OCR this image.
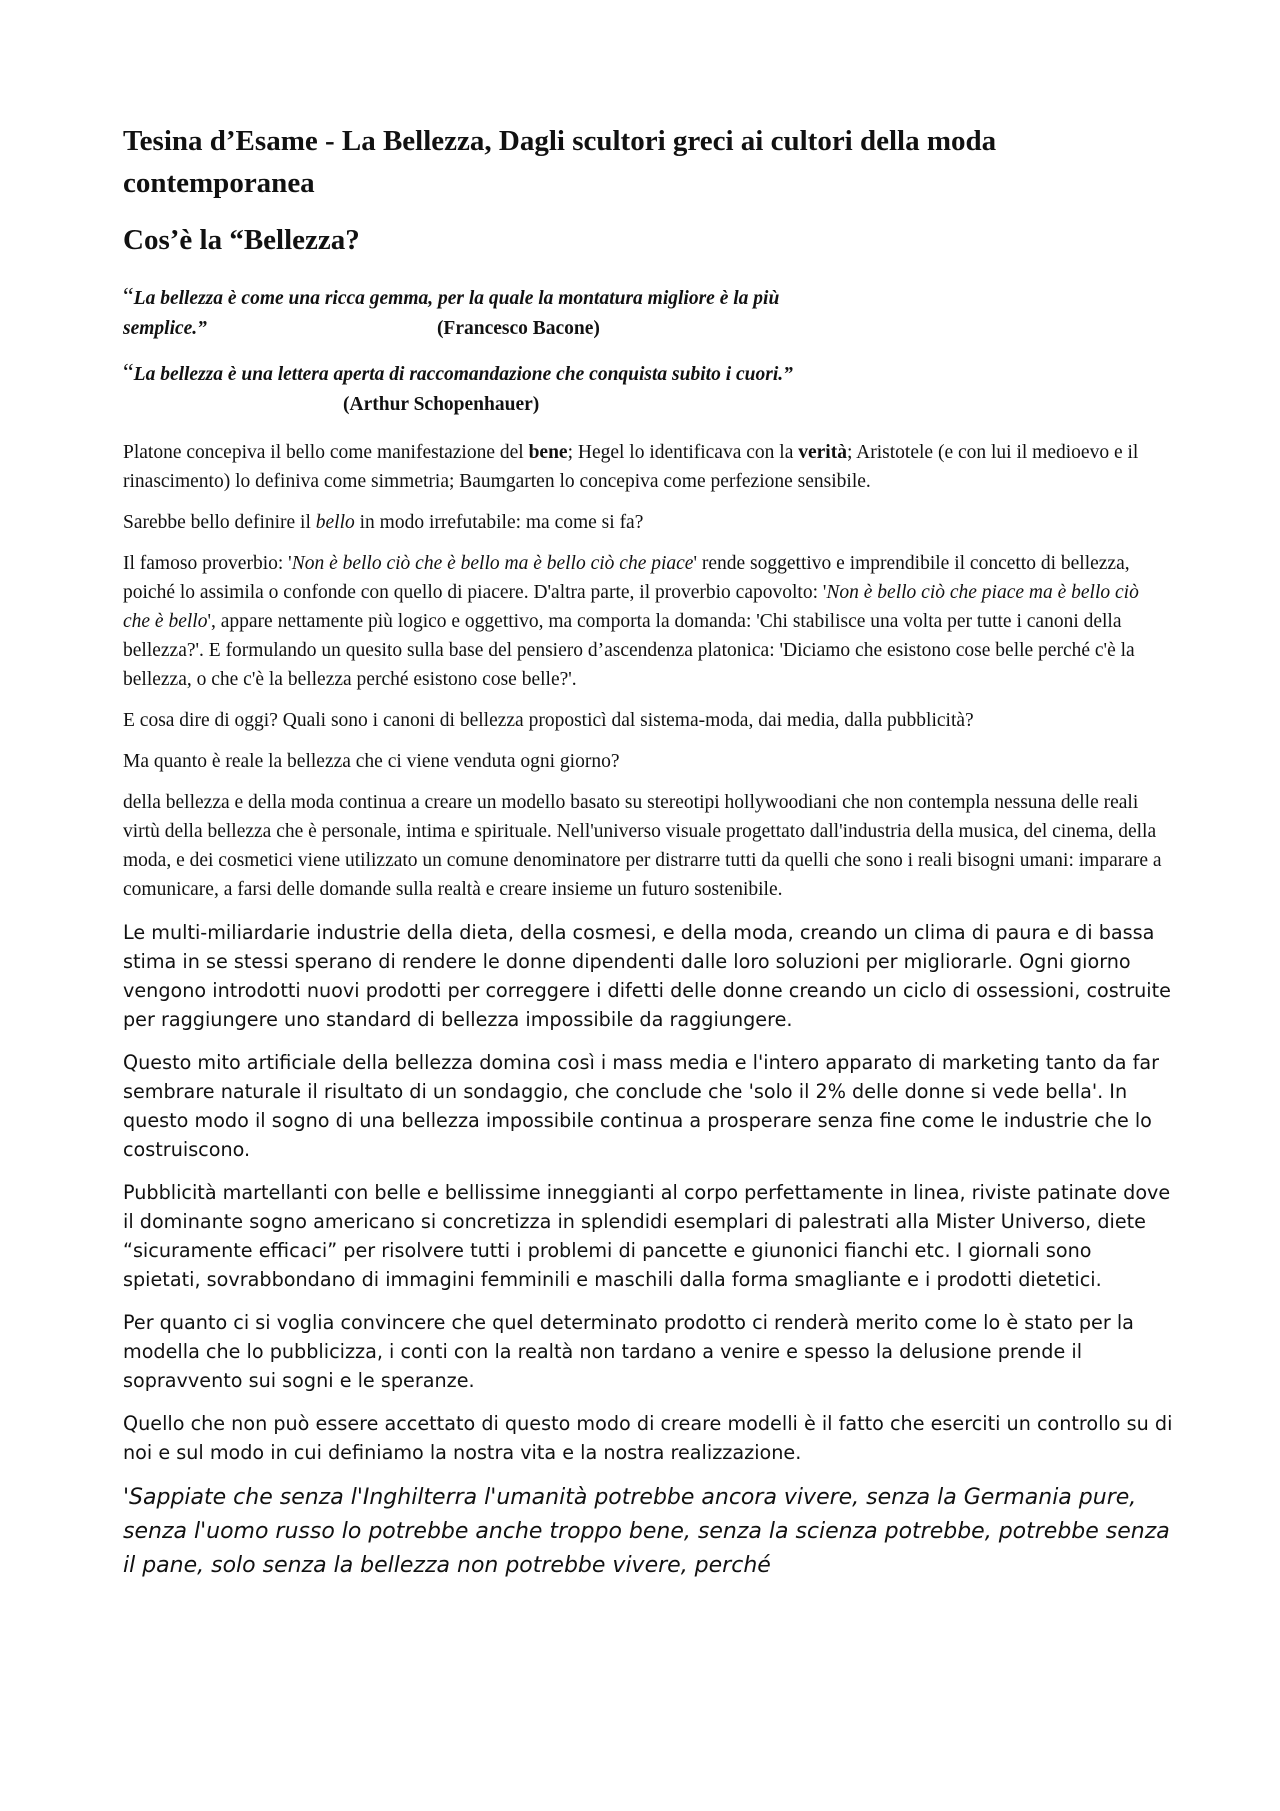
Tesina d’Esame - La Bellezza, Dagli scultori greci ai cultori della moda contemporanea
Cos’è la “Bellezza?
“La bellezza è come una ricca gemma, per la quale la montatura migliore è la più semplice.”	(Francesco Bacone)
“La bellezza è una lettera aperta di raccomandazione che conquista subito i cuori.”(Arthur Schopenhauer)

Platone concepiva il bello come manifestazione del bene; Hegel lo identificava con la verità; Aristotele (e con lui il medioevo e il rinascimento) lo definiva come simmetria; Baumgarten lo concepiva come perfezione sensibile.

Sarebbe bello definire il bello in modo irrefutabile: ma come si fa?

Il famoso proverbio: 'Non è bello ciò che è bello ma è bello ciò che piace' rende soggettivo e imprendibile il concetto di bellezza, poiché lo assimila o confonde con quello di piacere. D'altra parte, il proverbio capovolto: 'Non è bello ciò che piace ma è bello ciò che è bello', appare nettamente più logico e oggettivo, ma comporta la domanda: 'Chi stabilisce una volta per tutte i canoni della bellezza?'. E formulando un quesito sulla base del pensiero d’ascendenza platonica: 'Diciamo che esistono cose belle perché c'è la bellezza, o che c'è la bellezza perché esistono cose belle?'.

E cosa dire di oggi? Quali sono i canoni di bellezza proposticì dal sistema-moda, dai media, dalla pubblicità?

Ma quanto è reale la bellezza che ci viene venduta ogni giorno?

della bellezza e della moda continua a creare un modello basato su stereotipi hollywoodiani che non contempla nessuna delle reali virtù della bellezza che è personale, intima e spirituale. Nell'universo visuale progettato dall'industria della musica, del cinema, della moda, e dei cosmetici viene utilizzato un comune denominatore per distrarre tutti da quelli che sono i reali bisogni umani: imparare a comunicare, a farsi delle domande sulla realtà e creare insieme un futuro sostenibile.

Le multi-miliardarie industrie della dieta, della cosmesi, e della moda, creando un clima di paura e di bassa stima in se stessi sperano di rendere le donne dipendenti dalle loro soluzioni per migliorarle. Ogni giorno vengono introdotti nuovi prodotti per correggere i difetti delle donne creando un ciclo di ossessioni, costruite per raggiungere uno standard di bellezza impossibile da raggiungere.

Questo mito artificiale della bellezza domina così i mass media e l'intero apparato di marketing tanto da far sembrare naturale il risultato di un sondaggio, che conclude che 'solo il 2% delle donne si vede bella'. In questo modo il sogno di una bellezza impossibile continua a prosperare senza fine come le industrie che lo costruiscono.

Pubblicità martellanti con belle e bellissime inneggianti al corpo perfettamente in linea, riviste patinate dove il dominante sogno americano si concretizza in splendidi esemplari di palestrati alla Mister Universo, diete “sicuramente efficaci” per risolvere tutti i problemi di pancette e giunonici fianchi etc. I giornali sono spietati, sovrabbondano di immagini femminili e maschili dalla forma smagliante e i prodotti dietetici.

Per quanto ci si voglia convincere che quel determinato prodotto ci renderà merito come lo è stato per la modella che lo pubblicizza, i conti con la realtà non tardano a venire e spesso la delusione prende il sopravvento sui sogni e le speranze.

Quello che non può essere accettato di questo modo di creare modelli è il fatto che eserciti un controllo su di noi e sul modo in cui definiamo la nostra vita e la nostra realizzazione.

'Sappiate che senza l'Inghilterra l'umanità potrebbe ancora vivere, senza la Germania pure, senza l'uomo russo lo potrebbe anche troppo bene, senza la scienza potrebbe, potrebbe senza il pane, solo senza la bellezza non potrebbe vivere, perché
